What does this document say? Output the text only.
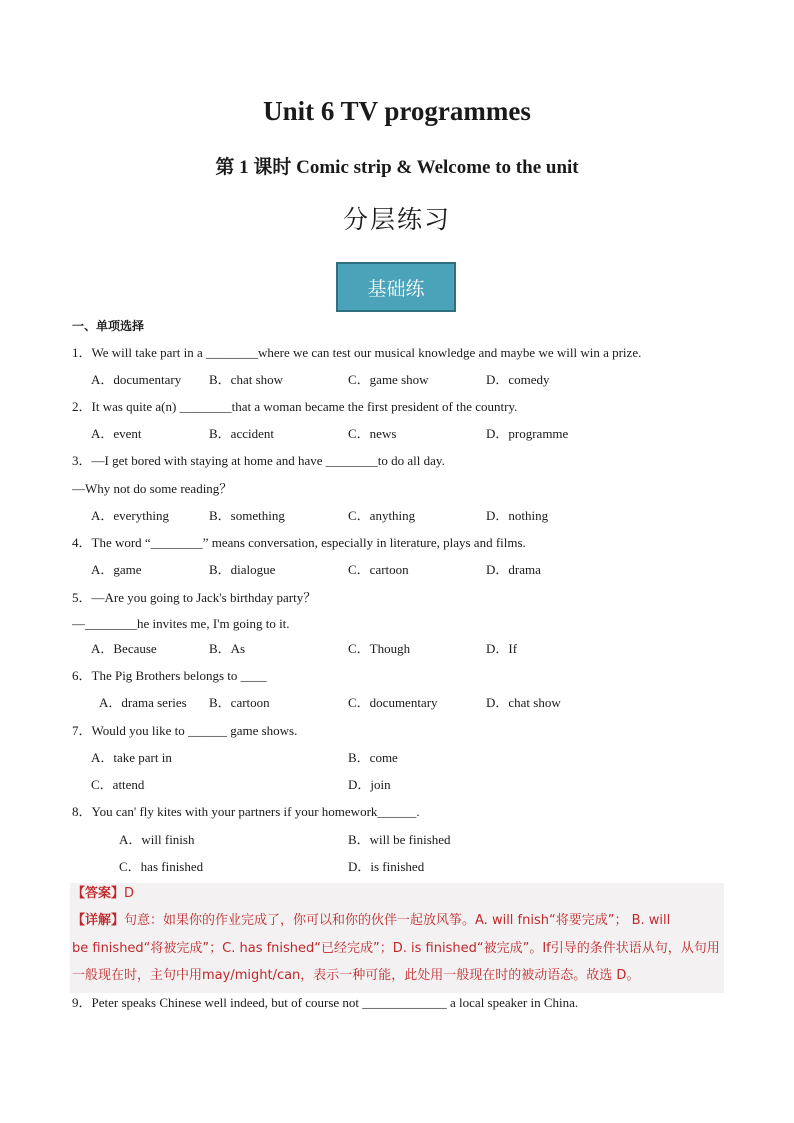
Unit 6 TV programmes
第 1 课时 Comic strip & Welcome to the unit
分层练习
基础练
一、单项选择
1．We will take part in a ________where we can test our musical knowledge and maybe we will win a prize.
A．documentary B．chat show	C．game show	D．comedy
2．It was quite a(n) ________that a woman became the first president of the country.
A．event	B．accident	C．news	D．programme
3．—I get bored with staying at home and have ________to do all day.
—Why not do some reading？
A．everything	B．something	C．anything	D．nothing
4．The word “________” means conversation, especially in literature, plays and films.
A．game	B．dialogue	C．cartoon	D．drama
5．—Are you going to Jack's birthday party？
—________he invites me, I'm going to it.
A．Because	B．As	C．Though	D．If
6．The Pig Brothers belongs to ____
A．drama series B．cartoon	C．documentary	D．chat show
7．Would you like to ______ game shows.
A．take part in	B．come
C．attend	D．join
8．You can' fly kites with your partners if your homework______.
A．will finish	B．will be finished
C．has finished	D．is finished
【答案】D
【详解】句意：如果你的作业完成了，你可以和你的伙伴一起放风筝。A. will fnish“将要完成”； B. will
be finished“将被完成”；C. has fnished“已经完成”；D. is finished“被完成”。If引导的条件状语从句，从句用
一般现在时，主句中用may/might/can，表示一种可能，此处用一般现在时的被动语态。故选 D。
9．Peter speaks Chinese well indeed, but of course not _____________ a local speaker in China.
